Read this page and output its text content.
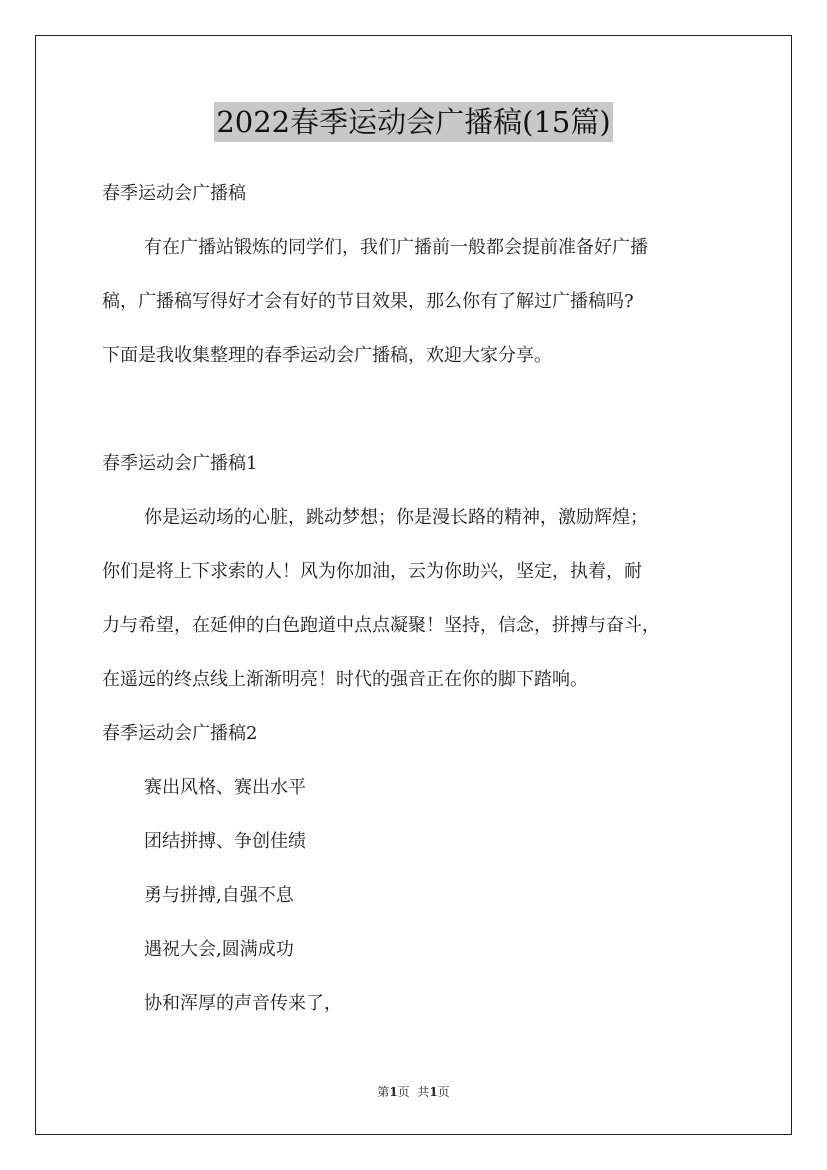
2022春季运动会广播稿(15篇)
春季运动会广播稿
有在广播站锻炼的同学们，我们广播前一般都会提前准备好广播
稿，广播稿写得好才会有好的节目效果，那么你有了解过广播稿吗?
下面是我收集整理的春季运动会广播稿，欢迎大家分享。
春季运动会广播稿1
你是运动场的心脏，跳动梦想；你是漫长路的精神，激励辉煌；
你们是将上下求索的人！风为你加油，云为你助兴，坚定，执着，耐
力与希望，在延伸的白色跑道中点点凝聚！坚持，信念，拼搏与奋斗，
在遥远的终点线上渐渐明亮！时代的强音正在你的脚下踏响。
春季运动会广播稿2
赛出风格、赛出水平
团结拼搏、争创佳绩
勇与拼搏,自强不息
遇祝大会,圆满成功
协和浑厚的声音传来了，
第1页  共1页
